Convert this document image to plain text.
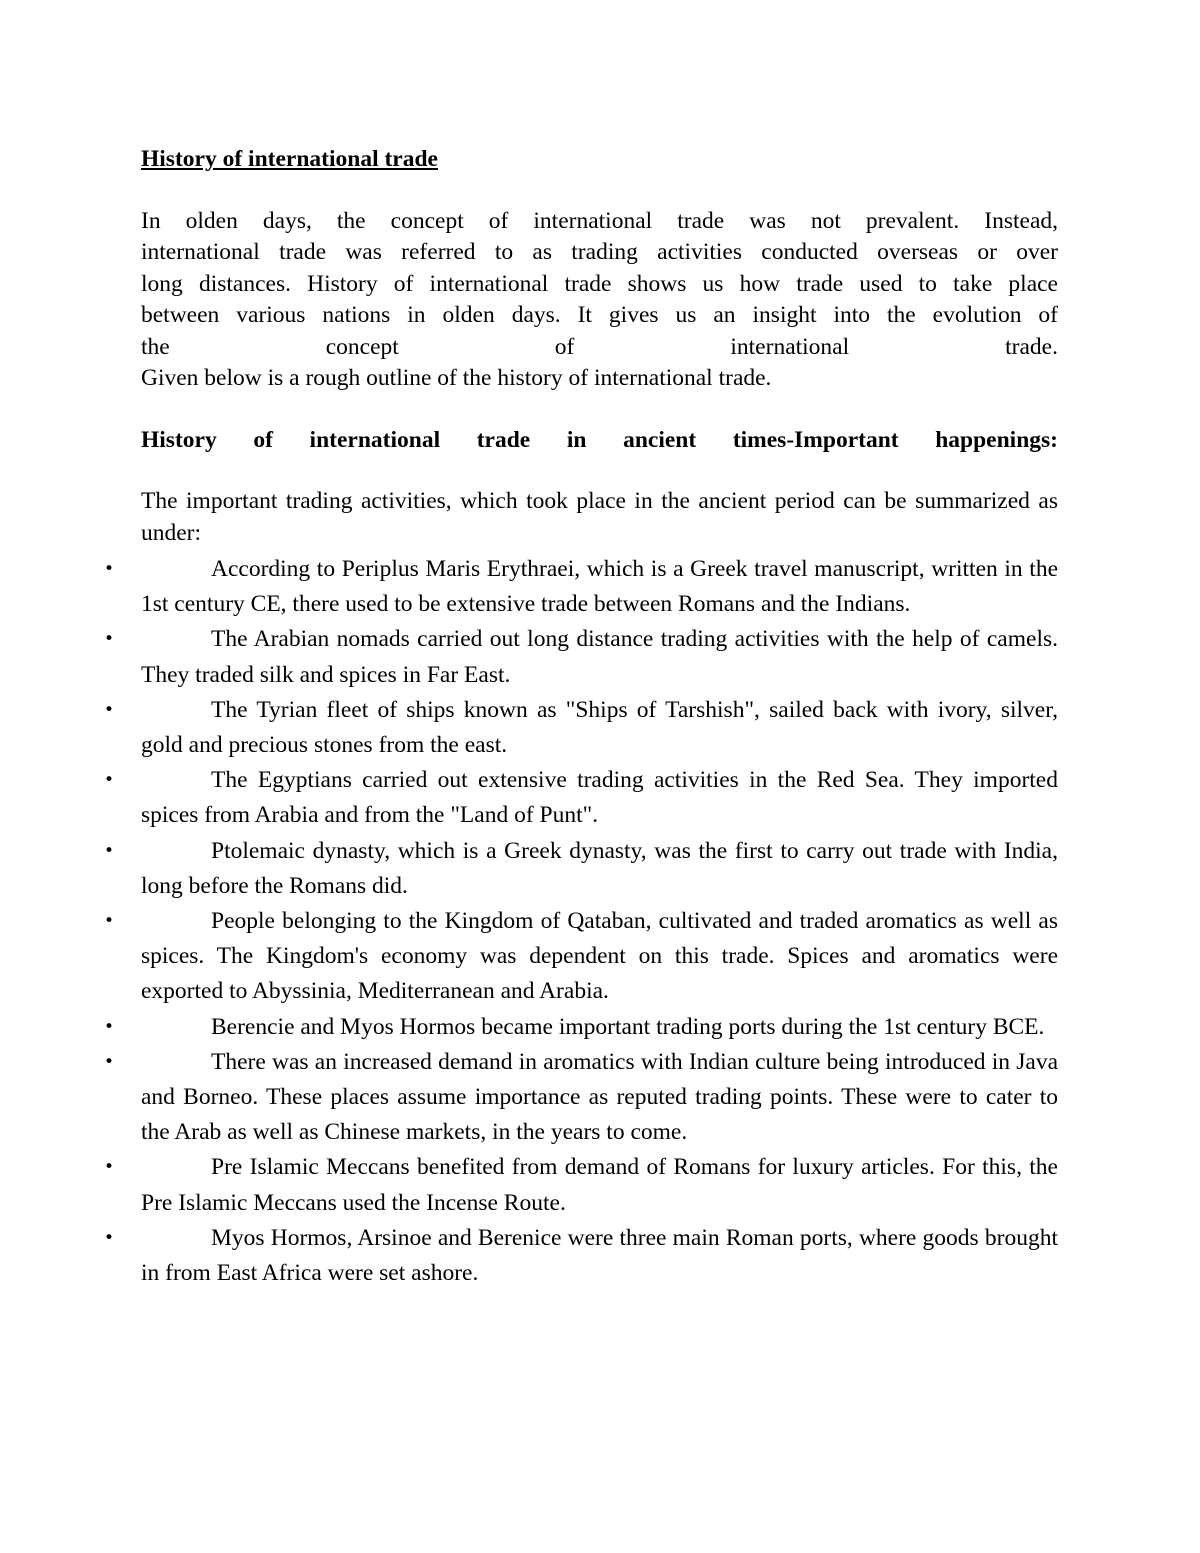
History of international trade
In olden days, the concept of international trade was not prevalent. Instead,
international trade was referred to as trading activities conducted overseas or over
long distances. History of international trade shows us how trade used to take place
between various nations in olden days. It gives us an insight into the evolution of
the concept of international trade.
Given below is a rough outline of the history of international trade.
History of international trade in ancient times-Important happenings:
The important trading activities, which took place in the ancient period can be summarized as under:
•	According to Periplus Maris Erythraei, which is a Greek travel manuscript, written in the 1st century CE, there used to be extensive trade between Romans and the Indians.
•	The Arabian nomads carried out long distance trading activities with the help of camels. They traded silk and spices in Far East.
•	The Tyrian fleet of ships known as "Ships of Tarshish", sailed back with ivory, silver, gold and precious stones from the east.
•	The Egyptians carried out extensive trading activities in the Red Sea. They imported spices from Arabia and from the "Land of Punt".
•	Ptolemaic dynasty, which is a Greek dynasty, was the first to carry out trade with India, long before the Romans did.
•	People belonging to the Kingdom of Qataban, cultivated and traded aromatics as well as spices. The Kingdom's economy was dependent on this trade. Spices and aromatics were exported to Abyssinia, Mediterranean and Arabia.
•	Berencie and Myos Hormos became important trading ports during the 1st century BCE.
•	There was an increased demand in aromatics with Indian culture being introduced in Java and Borneo. These places assume importance as reputed trading points. These were to cater to the Arab as well as Chinese markets, in the years to come.
•	Pre Islamic Meccans benefited from demand of Romans for luxury articles. For this, the Pre Islamic Meccans used the Incense Route.
•	Myos Hormos, Arsinoe and Berenice were three main Roman ports, where goods brought in from East Africa were set ashore.
